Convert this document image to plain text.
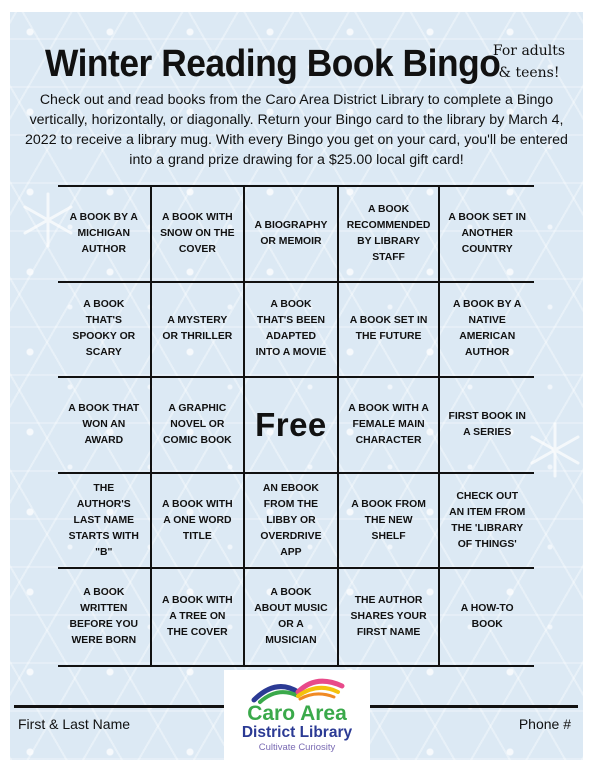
Winter Reading Book Bingo
For adults
& teens!
Check out and read books from the Caro Area District Library to complete a Bingo vertically, horizontally, or diagonally. Return your Bingo card to the library by March 4, 2022 to receive a library mug. With every Bingo you get on your card, you'll be entered into a grand prize drawing for a $25.00 local gift card!
A BOOK BY A MICHIGAN AUTHOR
A BOOK WITH SNOW ON THE COVER
A BIOGRAPHY OR MEMOIR
A BOOK RECOMMENDED BY LIBRARY STAFF
A BOOK SET IN ANOTHER COUNTRY
A BOOK THAT'S SPOOKY OR SCARY
A MYSTERY OR THRILLER
A BOOK THAT'S BEEN ADAPTED INTO A MOVIE
A BOOK SET IN THE FUTURE
A BOOK BY A NATIVE AMERICAN AUTHOR
A BOOK THAT WON AN AWARD
A GRAPHIC NOVEL OR COMIC BOOK Free	A BOOK WITH A FEMALE MAIN CHARACTER
FIRST BOOK IN A SERIES
THE AUTHOR'S LAST NAME STARTS WITH "B"
A BOOK WITH A ONE WORD TITLE
AN EBOOK FROM THE LIBBY OR OVERDRIVE APP
A BOOK FROM THE NEW SHELF
CHECK OUT AN ITEM FROM THE 'LIBRARY OF THINGS'
A BOOK WRITTEN BEFORE YOU WERE BORN
A BOOK WITH A TREE ON THE COVER
A BOOK ABOUT MUSIC OR A MUSICIAN
THE AUTHOR SHARES YOUR FIRST NAME
A HOW-TO BOOK
First & Last Name	Phone #
Caro Area
District Library
Cultivate Curiosity
